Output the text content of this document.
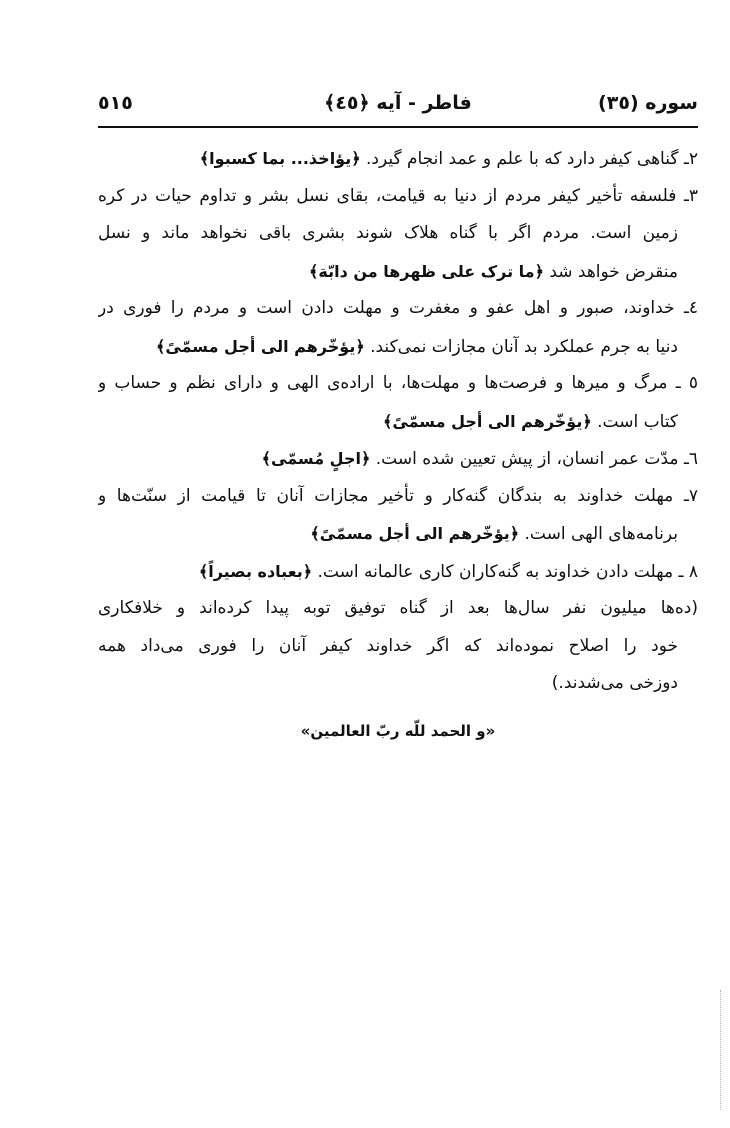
سوره (٣٥)
فاطر - آیه ﴿٤٥﴾
٥١٥
٢ـ گناهی کیفر دارد که با علم و عمد انجام گیرد. ﴿یؤاخذ... بما کسبوا﴾
٣ـ فلسفه تأخیر کیفر مردم از دنیا به قیامت، بقای نسل بشر و تداوم حیات در کره
زمین است. مردم اگر با گناه هلاک شوند بشری باقی نخواهد ماند و نسل
منقرض خواهد شد ﴿ما ترک علی ظهرها من دابّة﴾
٤ـ خداوند، صبور و اهل عفو و مغفرت و مهلت دادن است و مردم را فوری در
دنیا به جرم عملکرد بد آنان مجازات نمی‌کند. ﴿یؤخّرهم الی أجل مسمّیً﴾
٥ ـ مرگ و میرها و فرصت‌ها و مهلت‌ها، با اراده‌ی الهی و دارای نظم و حساب و
کتاب است. ﴿یؤخّرهم الی أجل مسمّیً﴾
٦ـ مدّت عمر انسان، از پیش تعیین شده است. ﴿اجلٍ مُسمّی﴾
٧ـ مهلت خداوند به بندگان گنه‌کار و تأخیر مجازات آنان تا قیامت از سنّت‌ها و
برنامه‌های الهی است. ﴿یؤخّرهم الی أجل مسمّیً﴾
٨ ـ مهلت دادن خداوند به گنه‌کاران کاری عالمانه است. ﴿بعباده بصیراً﴾
(ده‌ها میلیون نفر سال‌ها بعد از گناه توفیق توبه پیدا کرده‌اند و خلافکاری
خود را اصلاح نموده‌اند که اگر خداوند کیفر آنان را فوری می‌داد همه
دوزخی می‌شدند.)
«و الحمد للّه ربّ العالمین»
